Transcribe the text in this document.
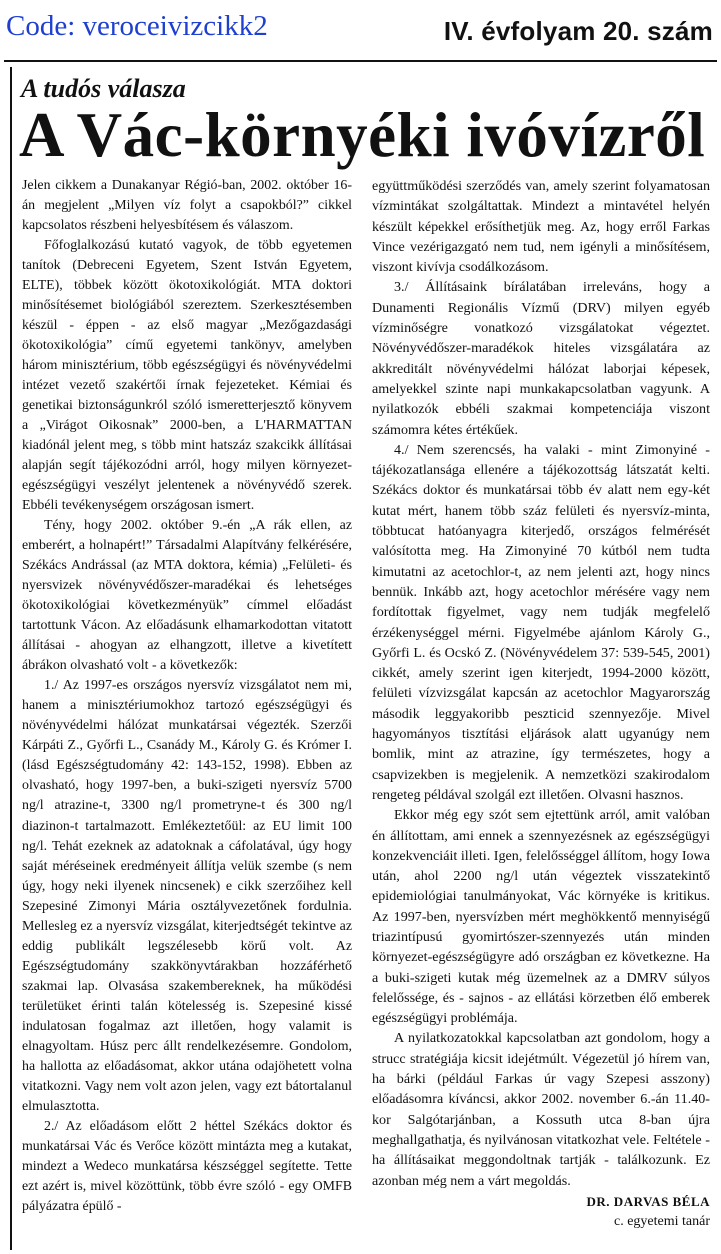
Code: veroceivizcikk2	IV. évfolyam 20. szám
A tudós válasza
A Vác-környéki ivóvízről

Jelen cikkem a Dunakanyar Régió-ban, 2002. október 16-án megjelent „Milyen víz folyt a csapokból?” cikkel kapcsolatos részbeni helyesbítésem és válaszom.

Főfoglalkozású kutató vagyok, de több egyetemen tanítok (Debreceni Egyetem, Szent István Egyetem, ELTE), többek között ökotoxikológiát. MTA doktori minősítésemet biológiából szereztem. Szerkesztésemben készül - éppen - az első magyar „Mezőgazdasági ökotoxikológia” című egyetemi tankönyv, amelyben három minisztérium, több egészségügyi és növényvédelmi intézet vezető szakértői írnak fejezeteket. Kémiai és genetikai biztonságunkról szóló ismeretterjesztő könyvem a „Virágot Oikosnak” 2000-ben, a L'HARMATTAN kiadónál jelent meg, s több mint hatszáz szakcikk állításai alapján segít tájékozódni arról, hogy milyen környezet-egészségügyi veszélyt jelentenek a növényvédő szerek. Ebbéli tevékenységem országosan ismert.

Tény, hogy 2002. október 9.-én „A rák ellen, az emberért, a holnapért!” Társadalmi Alapítvány felkérésére, Székács Andrással (az MTA doktora, kémia) „Felületi- és nyersvizek növényvédőszer-maradékai és lehetséges ökotoxikológiai következményük” címmel előadást tartottunk Vácon. Az előadásunk elhamarkodottan vitatott állításai - ahogyan az elhangzott, illetve a kivetített ábrákon olvasható volt - a következők:

1./ Az 1997-es országos nyersvíz vizsgálatot nem mi, hanem a minisztériumokhoz tartozó egészségügyi és növényvédelmi hálózat munkatársai végezték. Szerzői Kárpáti Z., Győrfi L., Csanády M., Károly G. és Krómer I. (lásd Egészségtudomány 42: 143-152, 1998). Ebben az olvasható, hogy 1997-ben, a buki-szigeti nyersvíz 5700 ng/l atrazine-t, 3300 ng/l prometryne-t és 300 ng/l diazinon-t tartalmazott. Emlékeztetőül: az EU limit 100 ng/l. Tehát ezeknek az adatoknak a cáfolatával, úgy hogy saját méréseinek eredményeit állítja velük szembe (s nem úgy, hogy neki ilyenek nincsenek) e cikk szerzőihez kell Szepesiné Zimonyi Mária osztályvezetőnek fordulnia. Mellesleg ez a nyersvíz vizsgálat, kiterjedtségét tekintve az eddig publikált legszélesebb körű volt. Az Egészségtudomány szakkönyvtárakban hozzáférhető szakmai lap. Olvasása szakembereknek, ha működési területüket érinti talán kötelesség is. Szepesiné kissé indulatosan fogalmaz azt illetően, hogy valamit is elnagyoltam. Húsz perc állt rendelkezésemre. Gondolom, ha hallotta az előadásomat, akkor utána odajöhetett volna vitatkozni. Vagy nem volt azon jelen, vagy ezt bátortalanul elmulasztotta.

2./ Az előadásom előtt 2 héttel Székács doktor és munkatársai Vác és Verőce között mintázta meg a kutakat, mindezt a Wedeco munkatársa készséggel segítette. Tette ezt azért is, mivel közöttünk, több évre szóló - egy OMFB pályázatra épülő -

együttműködési szerződés van, amely szerint folyamatosan vízmintákat szolgáltattak. Mindezt a mintavétel helyén készült képekkel erősíthetjük meg. Az, hogy erről Farkas Vince vezérigazgató nem tud, nem igényli a minősítésem, viszont kivívja csodálkozásom.

3./ Állításaink bírálatában irreleváns, hogy a Dunamenti Regionális Vízmű (DRV) milyen egyéb vízminőségre vonatkozó vizsgálatokat végeztet. Növényvédőszer-maradékok hiteles vizsgálatára az akkreditált növényvédelmi hálózat laborjai képesek, amelyekkel szinte napi munkakapcsolatban vagyunk. A nyilatkozók ebbéli szakmai kompetenciája viszont számomra kétes értékűek.

4./ Nem szerencsés, ha valaki - mint Zimonyiné - tájékozatlansága ellenére a tájékozottság látszatát kelti. Székács doktor és munkatársai több év alatt nem egy-két kutat mért, hanem több száz felületi és nyersvíz-minta, többtucat hatóanyagra kiterjedő, országos felmérését valósította meg. Ha Zimonyiné 70 kútból nem tudta kimutatni az acetochlor-t, az nem jelenti azt, hogy nincs bennük. Inkább azt, hogy acetochlor mérésére vagy nem fordítottak figyelmet, vagy nem tudják megfelelő érzékenységgel mérni. Figyelmébe ajánlom Károly G., Győrfi L. és Ocskó Z. (Növényvédelem 37: 539-545, 2001) cikkét, amely szerint igen kiterjedt, 1994-2000 között, felületi vízvizsgálat kapcsán az acetochlor Magyarország második leggyakoribb peszticid szennyezője. Mivel hagyományos tisztítási eljárások alatt ugyanúgy nem bomlik, mint az atrazine, így természetes, hogy a csapvizekben is megjelenik. A nemzetközi szakirodalom rengeteg példával szolgál ezt illetően. Olvasni hasznos.

Ekkor még egy szót sem ejtettünk arról, amit valóban én állítottam, ami ennek a szennyezésnek az egészségügyi konzekvenciáit illeti. Igen, felelősséggel állítom, hogy Iowa után, ahol 2200 ng/l után végeztek visszatekintő epidemiológiai tanulmányokat, Vác környéke is kritikus. Az 1997-ben, nyersvízben mért meghökkentő mennyiségű triazintípusú gyomirtószer-szennyezés után minden környezet-egészségügyre adó országban ez következne. Ha a buki-szigeti kutak még üzemelnek az a DMRV súlyos felelőssége, és - sajnos - az ellátási körzetben élő emberek egészségügyi problémája.

A nyilatkozatokkal kapcsolatban azt gondolom, hogy a strucc stratégiája kicsit idejétmúlt. Végezetül jó hírem van, ha bárki (például Farkas úr vagy Szepesi asszony) előadásomra kíváncsi, akkor 2002. november 6.-án 11.40-kor Salgótarjánban, a Kossuth utca 8-ban újra meghallgathatja, és nyilvánosan vitatkozhat vele. Feltétele - ha állításaikat meggondoltnak tartják - találkozunk. Ez azonban még nem a várt megoldás.

DR. DARVAS BÉLA
c. egyetemi tanár
